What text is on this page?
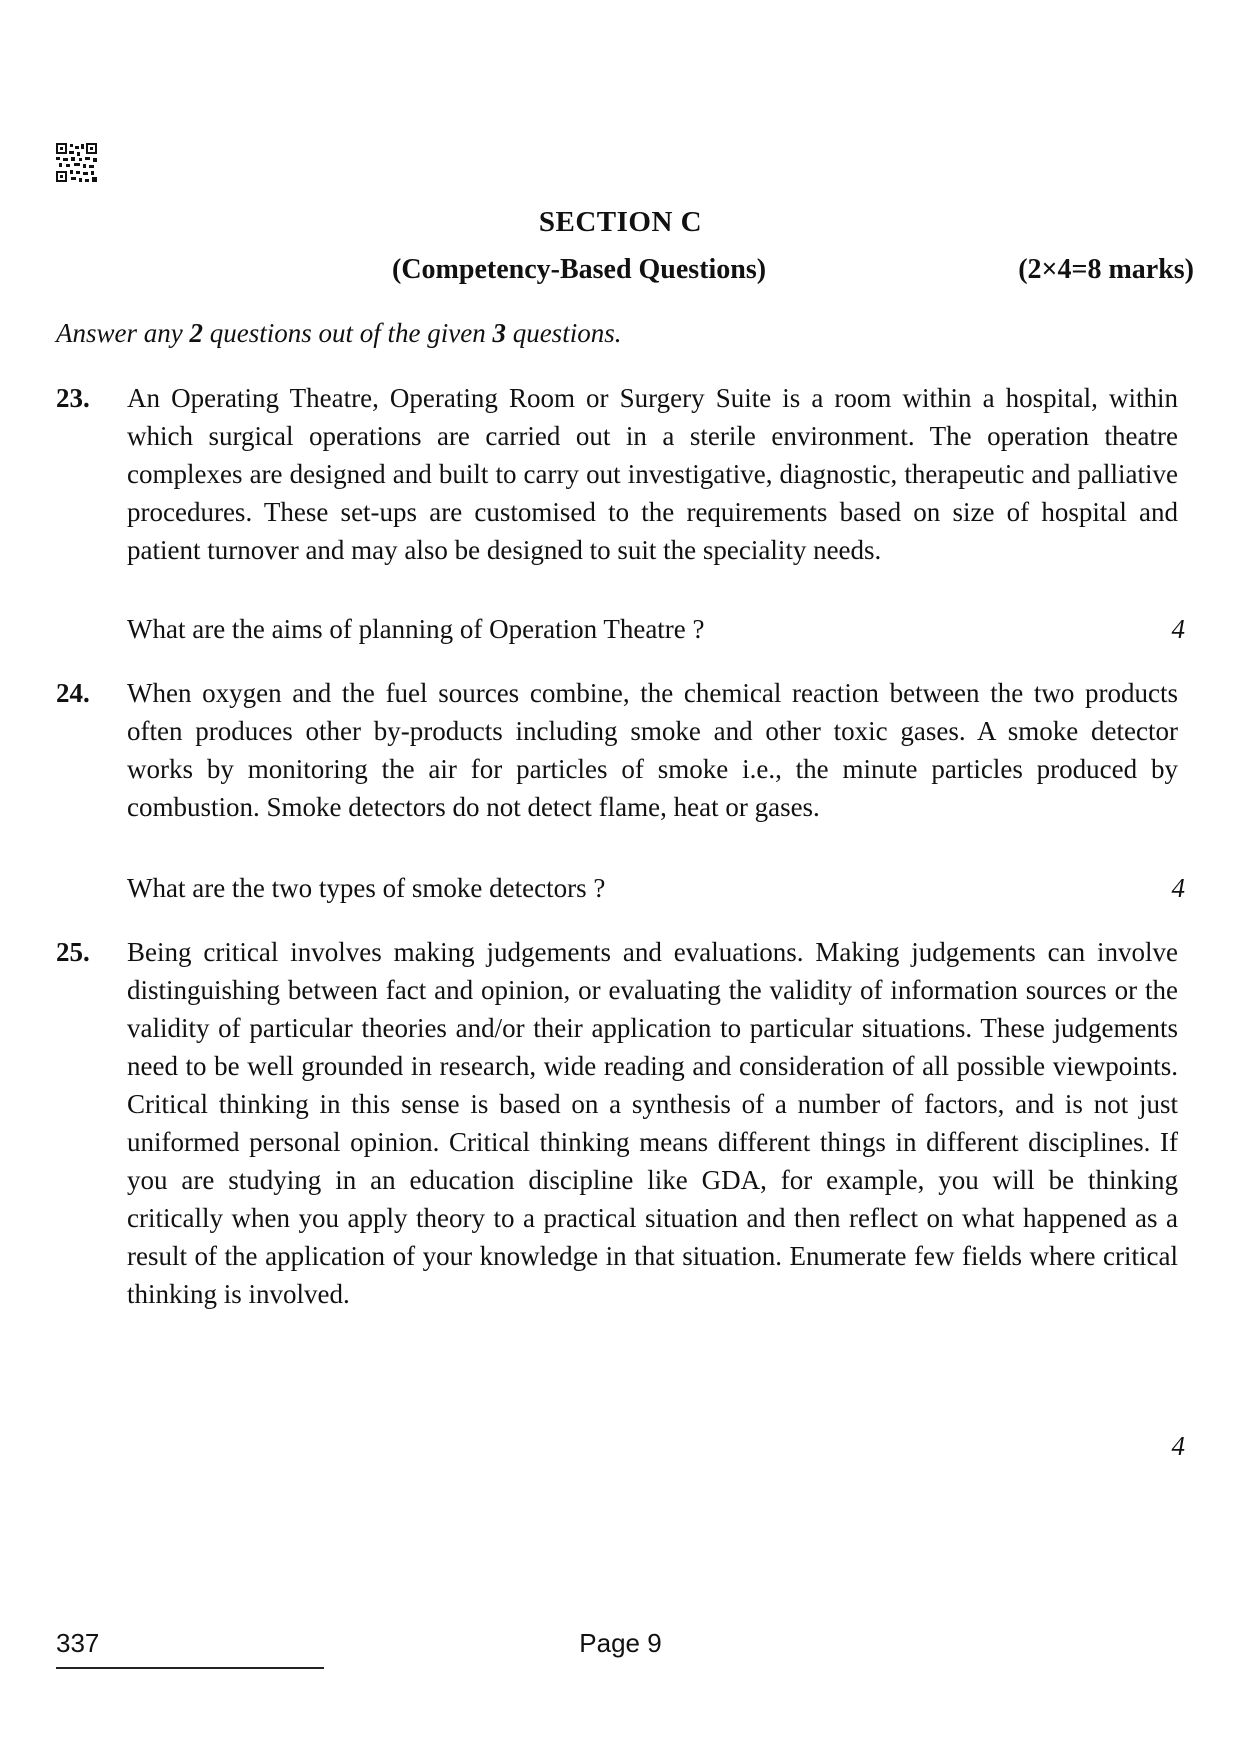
SECTION C
(Competency-Based Questions)	(2×4=8 marks)
Answer any 2 questions out of the given 3 questions.
23. An Operating Theatre, Operating Room or Surgery Suite is a room within a hospital, within which surgical operations are carried out in a sterile environment. The operation theatre complexes are designed and built to carry out investigative, diagnostic, therapeutic and palliative procedures. These set-ups are customised to the requirements based on size of hospital and patient turnover and may also be designed to suit the speciality needs.

What are the aims of planning of Operation Theatre ?	4
24. When oxygen and the fuel sources combine, the chemical reaction between the two products often produces other by-products including smoke and other toxic gases. A smoke detector works by monitoring the air for particles of smoke i.e., the minute particles produced by combustion. Smoke detectors do not detect flame, heat or gases.

What are the two types of smoke detectors ?	4
25. Being critical involves making judgements and evaluations. Making judgements can involve distinguishing between fact and opinion, or evaluating the validity of information sources or the validity of particular theories and/or their application to particular situations. These judgements need to be well grounded in research, wide reading and consideration of all possible viewpoints. Critical thinking in this sense is based on a synthesis of a number of factors, and is not just uniformed personal opinion. Critical thinking means different things in different disciplines. If you are studying in an education discipline like GDA, for example, you will be thinking critically when you apply theory to a practical situation and then reflect on what happened as a result of the application of your knowledge in that situation. Enumerate few fields where critical thinking is involved.

4
337	Page 9
